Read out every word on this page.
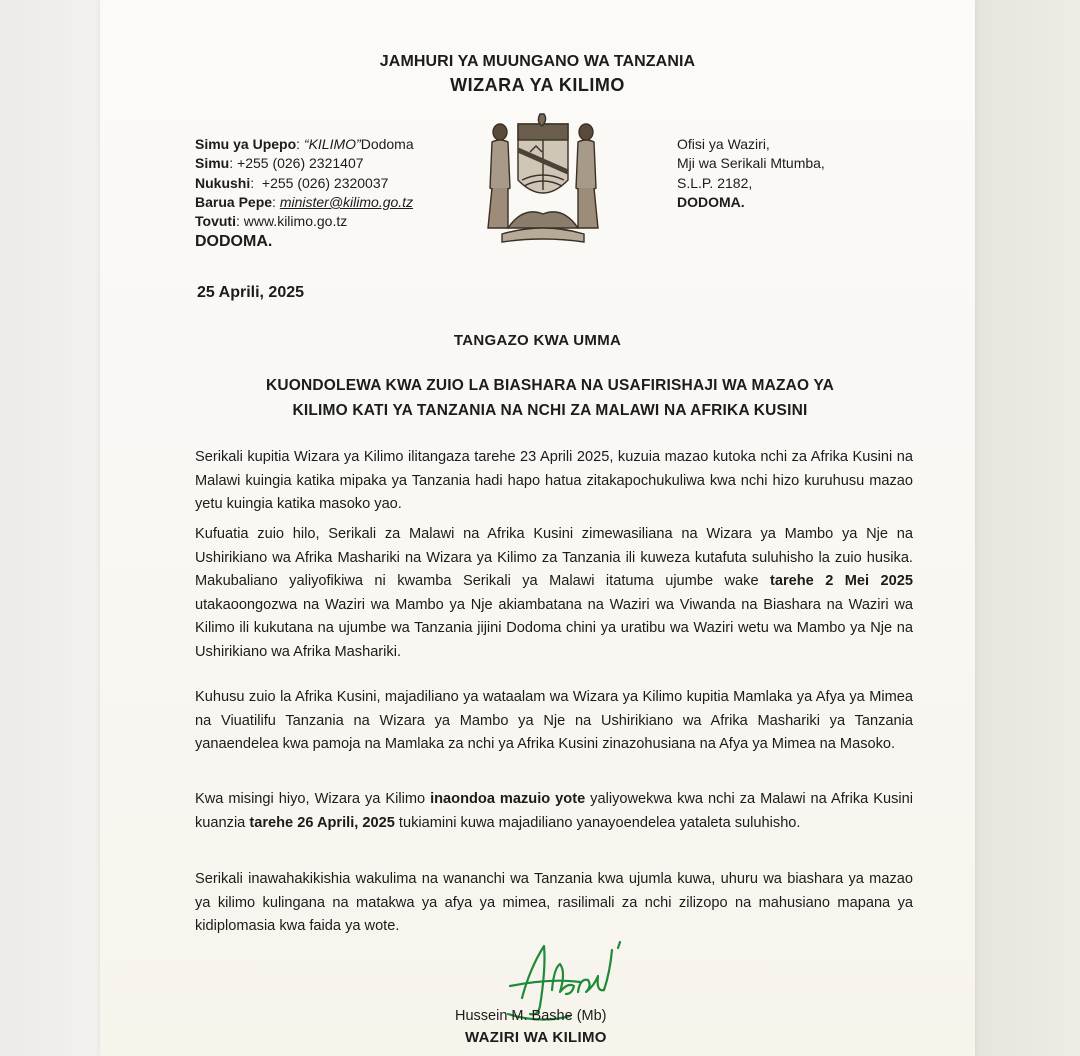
JAMHURI YA MUUNGANO WA TANZANIA
WIZARA YA KILIMO
Simu ya Upepo: “KILIMO”Dodoma
Simu: +255 (026) 2321407
Nukushi:  +255 (026) 2320037
Barua Pepe: minister@kilimo.go.tz
Tovuti: www.kilimo.go.tz
DODOMA.
Ofisi ya Waziri,
Mji wa Serikali Mtumba,
S.L.P. 2182,
DODOMA.
25 Aprili, 2025
TANGAZO KWA UMMA
KUONDOLEWA KWA ZUIO LA BIASHARA NA USAFIRISHAJI WA MAZAO YA
KILIMO KATI YA TANZANIA NA NCHI ZA MALAWI NA AFRIKA KUSINI
Serikali kupitia Wizara ya Kilimo ilitangaza tarehe 23 Aprili 2025, kuzuia mazao kutoka nchi za Afrika Kusini na Malawi kuingia katika mipaka ya Tanzania hadi hapo hatua zitakapochukuliwa kwa nchi hizo kuruhusu mazao yetu kuingia katika masoko yao.
Kufuatia zuio hilo, Serikali za Malawi na Afrika Kusini zimewasiliana na Wizara ya Mambo ya Nje na Ushirikiano wa Afrika Mashariki na Wizara ya Kilimo za Tanzania ili kuweza kutafuta suluhisho la zuio husika. Makubaliano yaliyofikiwa ni kwamba Serikali ya Malawi itatuma ujumbe wake tarehe 2 Mei 2025 utakaoongozwa na Waziri wa Mambo ya Nje akiambatana na Waziri wa Viwanda na Biashara na Waziri wa Kilimo ili kukutana na ujumbe wa Tanzania jijini Dodoma chini ya uratibu wa Waziri wetu wa Mambo ya Nje na Ushirikiano wa Afrika Mashariki.
Kuhusu zuio la Afrika Kusini, majadiliano ya wataalam wa Wizara ya Kilimo kupitia Mamlaka ya Afya ya Mimea na Viuatilifu Tanzania na Wizara ya Mambo ya Nje na Ushirikiano wa Afrika Mashariki ya Tanzania yanaendelea kwa pamoja na Mamlaka za nchi ya Afrika Kusini zinazohusiana na Afya ya Mimea na Masoko.
Kwa misingi hiyo, Wizara ya Kilimo inaondoa mazuio yote yaliyowekwa kwa nchi za Malawi na Afrika Kusini kuanzia tarehe 26 Aprili, 2025 tukiamini kuwa majadiliano yanayoendelea yataleta suluhisho.
Serikali inawahakikishia wakulima na wananchi wa Tanzania kwa ujumla kuwa, uhuru wa biashara ya mazao ya kilimo kulingana na matakwa ya afya ya mimea, rasilimali za nchi zilizopo na mahusiano mapana ya kidiplomasia kwa faida ya wote.
Hussein M. Bashe (Mb)
WAZIRI WA KILIMO
